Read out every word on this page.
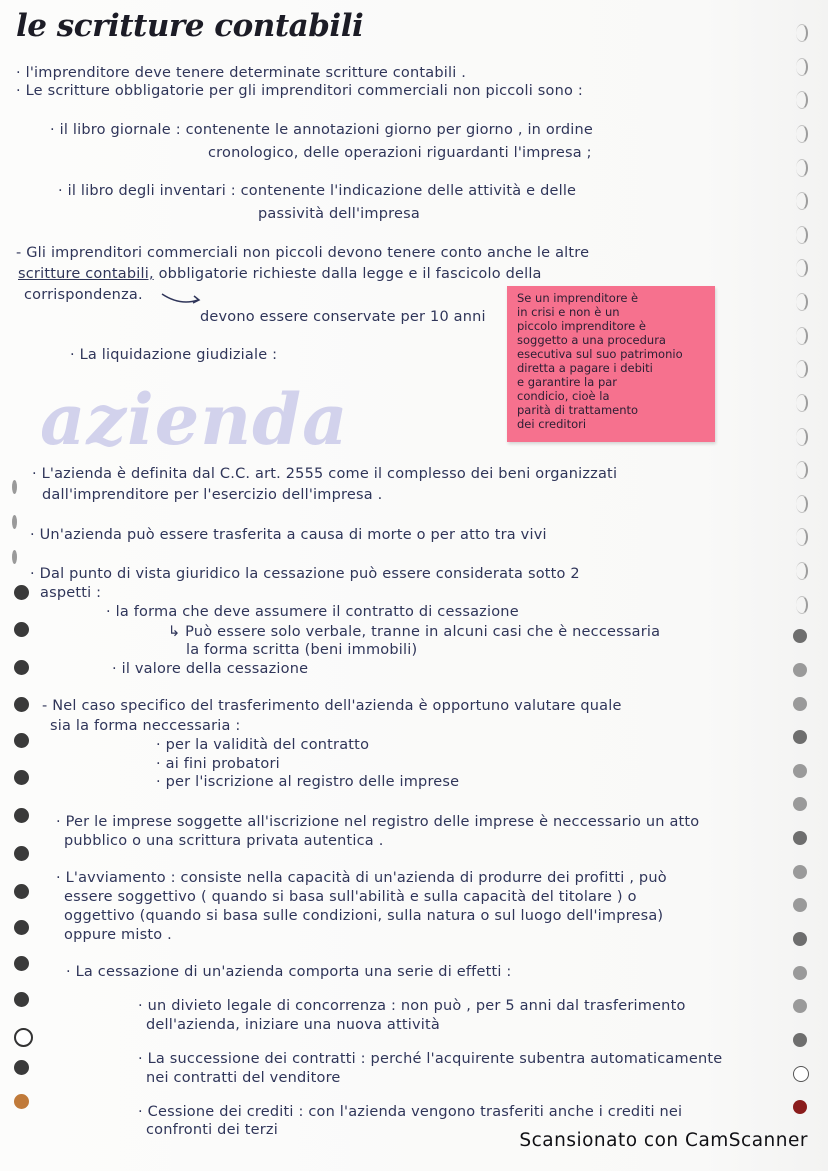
le scritture contabili

· l'imprenditore deve tenere determinate scritture contabili .

· Le scritture obbligatorie per gli imprenditori commerciali non piccoli sono :

· il libro giornale : contenente le annotazioni giorno per giorno , in ordine

cronologico, delle operazioni riguardanti l'impresa ;

· il libro degli inventari : contenente l'indicazione delle attività e delle

passività dell'impresa

- Gli imprenditori commerciali non piccoli devono tenere conto anche le altre

scritture contabili, obbligatorie richieste dalla legge e il fascicolo della

corrispondenza.

devono essere conservate per 10 anni

· La liquidazione giudiziale :

Se un imprenditore è

in crisi e non è un

piccolo imprenditore è

soggetto a una procedura

esecutiva sul suo patrimonio

diretta a pagare i debiti

e garantire la par

condicio, cioè la

parità di trattamento

dei creditori

azienda

· L'azienda è definita dal C.C. art. 2555 come il complesso dei beni organizzati

dall'imprenditore per l'esercizio dell'impresa .

· Un'azienda può essere trasferita a causa di morte o per atto tra vivi

· Dal punto di vista giuridico la cessazione può essere considerata sotto 2

aspetti :

· la forma che deve assumere il contratto di cessazione

↳ Può essere solo verbale, tranne in alcuni casi che è neccessaria

la forma scritta (beni immobili)

· il valore della cessazione

- Nel caso specifico del trasferimento dell'azienda è opportuno valutare quale

sia la forma neccessaria :

· per la validità del contratto

· ai fini probatori

· per l'iscrizione al registro delle imprese

· Per le imprese soggette all'iscrizione nel registro delle imprese è neccessario un atto

pubblico o una scrittura privata autentica .

· L'avviamento : consiste nella capacità di un'azienda di produrre dei profitti , può

essere soggettivo ( quando si basa sull'abilità e sulla capacità del titolare ) o

oggettivo (quando si basa sulle condizioni, sulla natura o sul luogo dell'impresa)

oppure misto .

· La cessazione di un'azienda comporta una serie di effetti :

· un divieto legale di concorrenza : non può , per 5 anni dal trasferimento

dell'azienda, iniziare una nuova attività

· La successione dei contratti : perché l'acquirente subentra automaticamente

nei contratti del venditore

· Cessione dei crediti : con l'azienda vengono trasferiti anche i crediti nei

confronti dei terzi	Scansionato con CamScanner
